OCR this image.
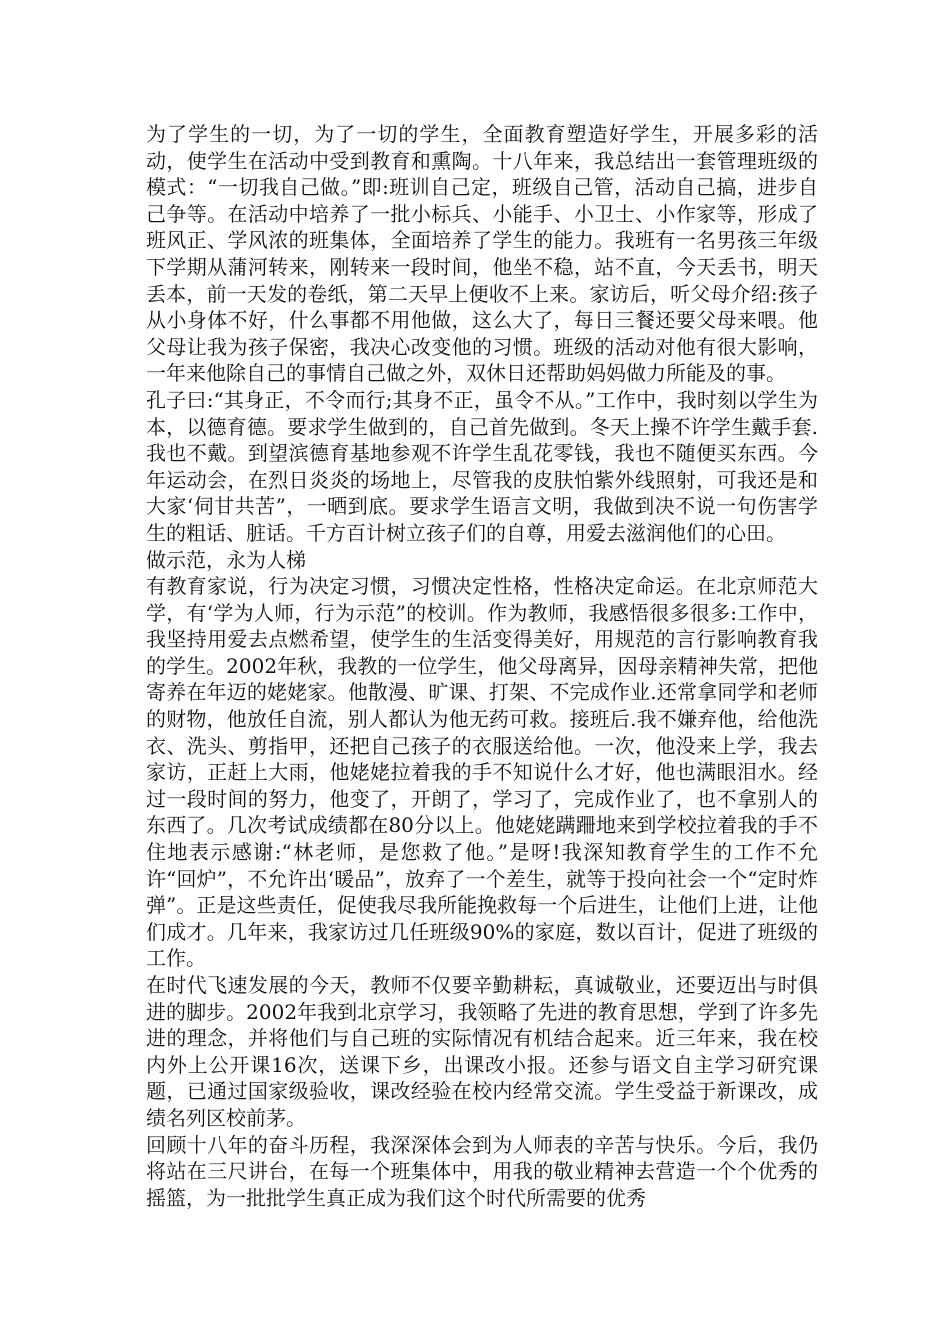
为了学生的一切，为了一切的学生，全面教育塑造好学生，开展多彩的活动，使学生在活动中受到教育和熏陶。十八年来，我总结出一套管理班级的模式：“一切我自己做。”即:班训自己定，班级自己管，活动自己搞，进步自己争等。在活动中培养了一批小标兵、小能手、小卫士、小作家等，形成了班风正、学风浓的班集体，全面培养了学生的能力。我班有一名男孩三年级下学期从蒲河转来，刚转来一段时间，他坐不稳，站不直，今天丢书，明天丢本，前一天发的卷纸，第二天早上便收不上来。家访后，听父母介绍:孩子从小身体不好，什么事都不用他做，这么大了，每日三餐还要父母来喂。他父母让我为孩子保密，我决心改变他的习惯。班级的活动对他有很大影响，一年来他除自己的事情自己做之外，双休日还帮助妈妈做力所能及的事。

孔子曰:“其身正，不令而行;其身不正，虽令不从。”工作中，我时刻以学生为本，以德育德。要求学生做到的，自己首先做到。冬天上操不许学生戴手套.我也不戴。到望滨德育基地参观不许学生乱花零钱，我也不随便买东西。今年运动会，在烈日炎炎的场地上，尽管我的皮肤怕紫外线照射，可我还是和大家‘伺甘共苦”，一晒到底。要求学生语言文明，我做到决不说一句伤害学生的粗话、脏话。千方百计树立孩子们的自尊，用爱去滋润他们的心田。

做示范，永为人梯

有教育家说，行为决定习惯，习惯决定性格，性格决定命运。在北京师范大学，有‘学为人师，行为示范”的校训。作为教师，我感悟很多很多:工作中，我坚持用爱去点燃希望，使学生的生活变得美好，用规范的言行影响教育我的学生。2002年秋，我教的一位学生，他父母离异，因母亲精神失常，把他寄养在年迈的姥姥家。他散漫、旷课、打架、不完成作业.还常拿同学和老师的财物，他放任自流，别人都认为他无药可救。接班后.我不嫌弃他，给他洗衣、洗头、剪指甲，还把自己孩子的衣服送给他。一次，他没来上学，我去家访，正赶上大雨，他姥姥拉着我的手不知说什么才好，他也满眼泪水。经过一段时间的努力，他变了，开朗了，学习了，完成作业了，也不拿别人的东西了。几次考试成绩都在80分以上。他姥姥蹒跚地来到学校拉着我的手不住地表示感谢:“林老师，是您救了他。”是呀!我深知教育学生的工作不允许“回炉”，不允许出‘暖品”，放弃了一个差生，就等于投向社会一个“定时炸弹”。正是这些责任，促使我尽我所能挽救每一个后进生，让他们上进，让他们成才。几年来，我家访过几任班级90%的家庭，数以百计，促进了班级的工作。

在时代飞速发展的今天，教师不仅要辛勤耕耘，真诚敬业，还要迈出与时俱进的脚步。2002年我到北京学习，我领略了先进的教育思想，学到了许多先进的理念，并将他们与自己班的实际情况有机结合起来。近三年来，我在校内外上公开课16次，送课下乡，出课改小报。还参与语文自主学习研究课题，已通过国家级验收，课改经验在校内经常交流。学生受益于新课改，成绩名列区校前茅。

回顾十八年的奋斗历程，我深深体会到为人师表的辛苦与快乐。今后，我仍将站在三尺讲台，在每一个班集体中，用我的敬业精神去营造一个个优秀的摇篮，为一批批学生真正成为我们这个时代所需要的优秀
